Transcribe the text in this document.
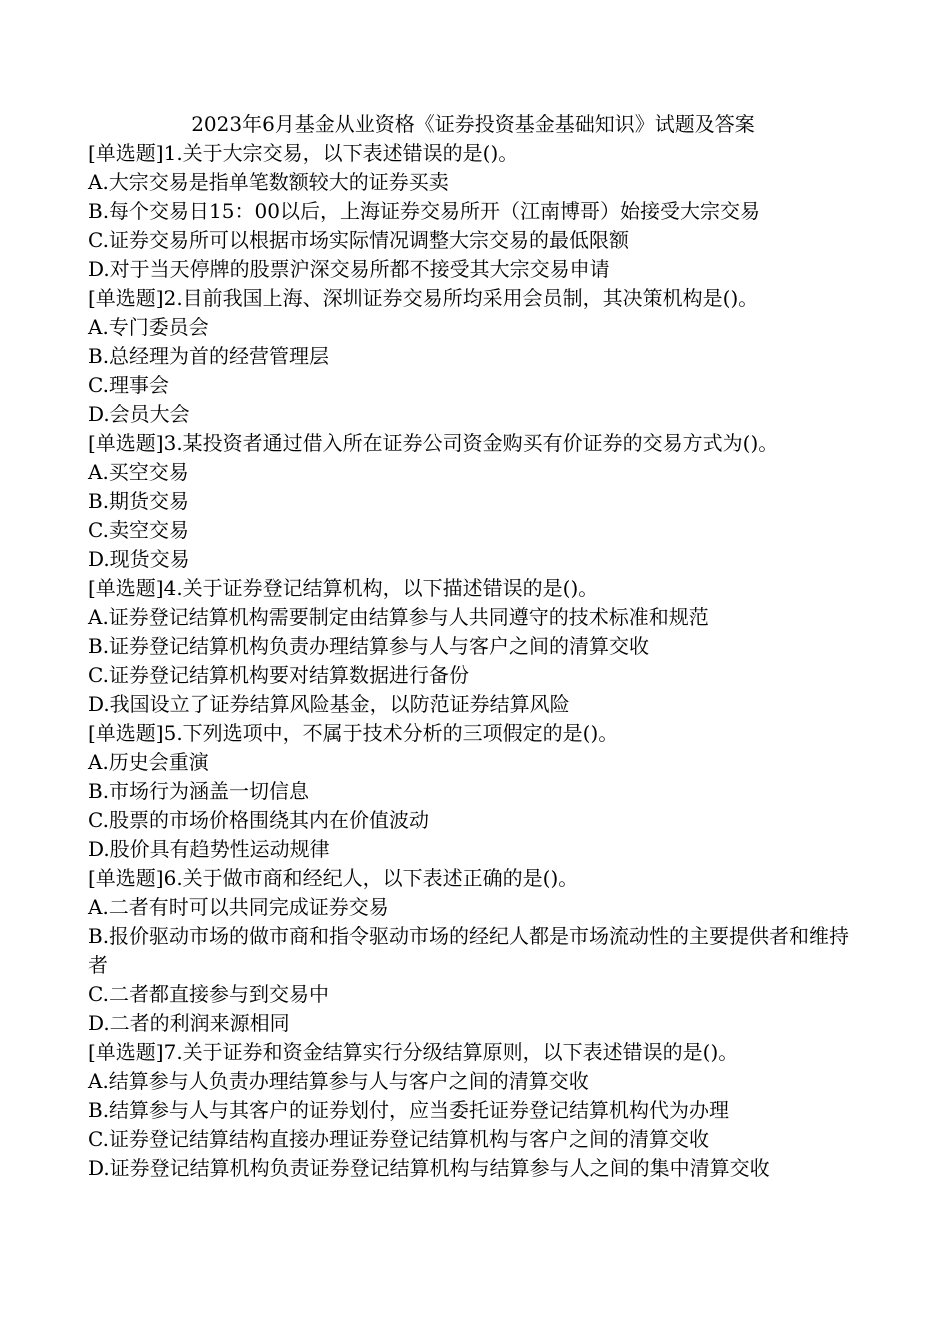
2023年6月基金从业资格《证券投资基金基础知识》试题及答案

[单选题]1.关于大宗交易，以下表述错误的是()。

A.大宗交易是指单笔数额较大的证券买卖

B.每个交易日15：00以后，上海证券交易所开（江南博哥）始接受大宗交易

C.证券交易所可以根据市场实际情况调整大宗交易的最低限额

D.对于当天停牌的股票沪深交易所都不接受其大宗交易申请

[单选题]2.目前我国上海、深圳证券交易所均采用会员制，其决策机构是()。

A.专门委员会

B.总经理为首的经营管理层

C.理事会

D.会员大会

[单选题]3.某投资者通过借入所在证券公司资金购买有价证券的交易方式为()。

A.买空交易

B.期货交易

C.卖空交易

D.现货交易

[单选题]4.关于证券登记结算机构，以下描述错误的是()。

A.证券登记结算机构需要制定由结算参与人共同遵守的技术标准和规范

B.证券登记结算机构负责办理结算参与人与客户之间的清算交收

C.证券登记结算机构要对结算数据进行备份

D.我国设立了证券结算风险基金，以防范证券结算风险

[单选题]5.下列选项中，不属于技术分析的三项假定的是()。

A.历史会重演

B.市场行为涵盖一切信息

C.股票的市场价格围绕其内在价值波动

D.股价具有趋势性运动规律

[单选题]6.关于做市商和经纪人，以下表述正确的是()。

A.二者有时可以共同完成证券交易

B.报价驱动市场的做市商和指令驱动市场的经纪人都是市场流动性的主要提供者和维持者

C.二者都直接参与到交易中

D.二者的利润来源相同

[单选题]7.关于证券和资金结算实行分级结算原则，以下表述错误的是()。

A.结算参与人负责办理结算参与人与客户之间的清算交收

B.结算参与人与其客户的证券划付，应当委托证券登记结算机构代为办理

C.证券登记结算结构直接办理证券登记结算机构与客户之间的清算交收

D.证券登记结算机构负责证券登记结算机构与结算参与人之间的集中清算交收
